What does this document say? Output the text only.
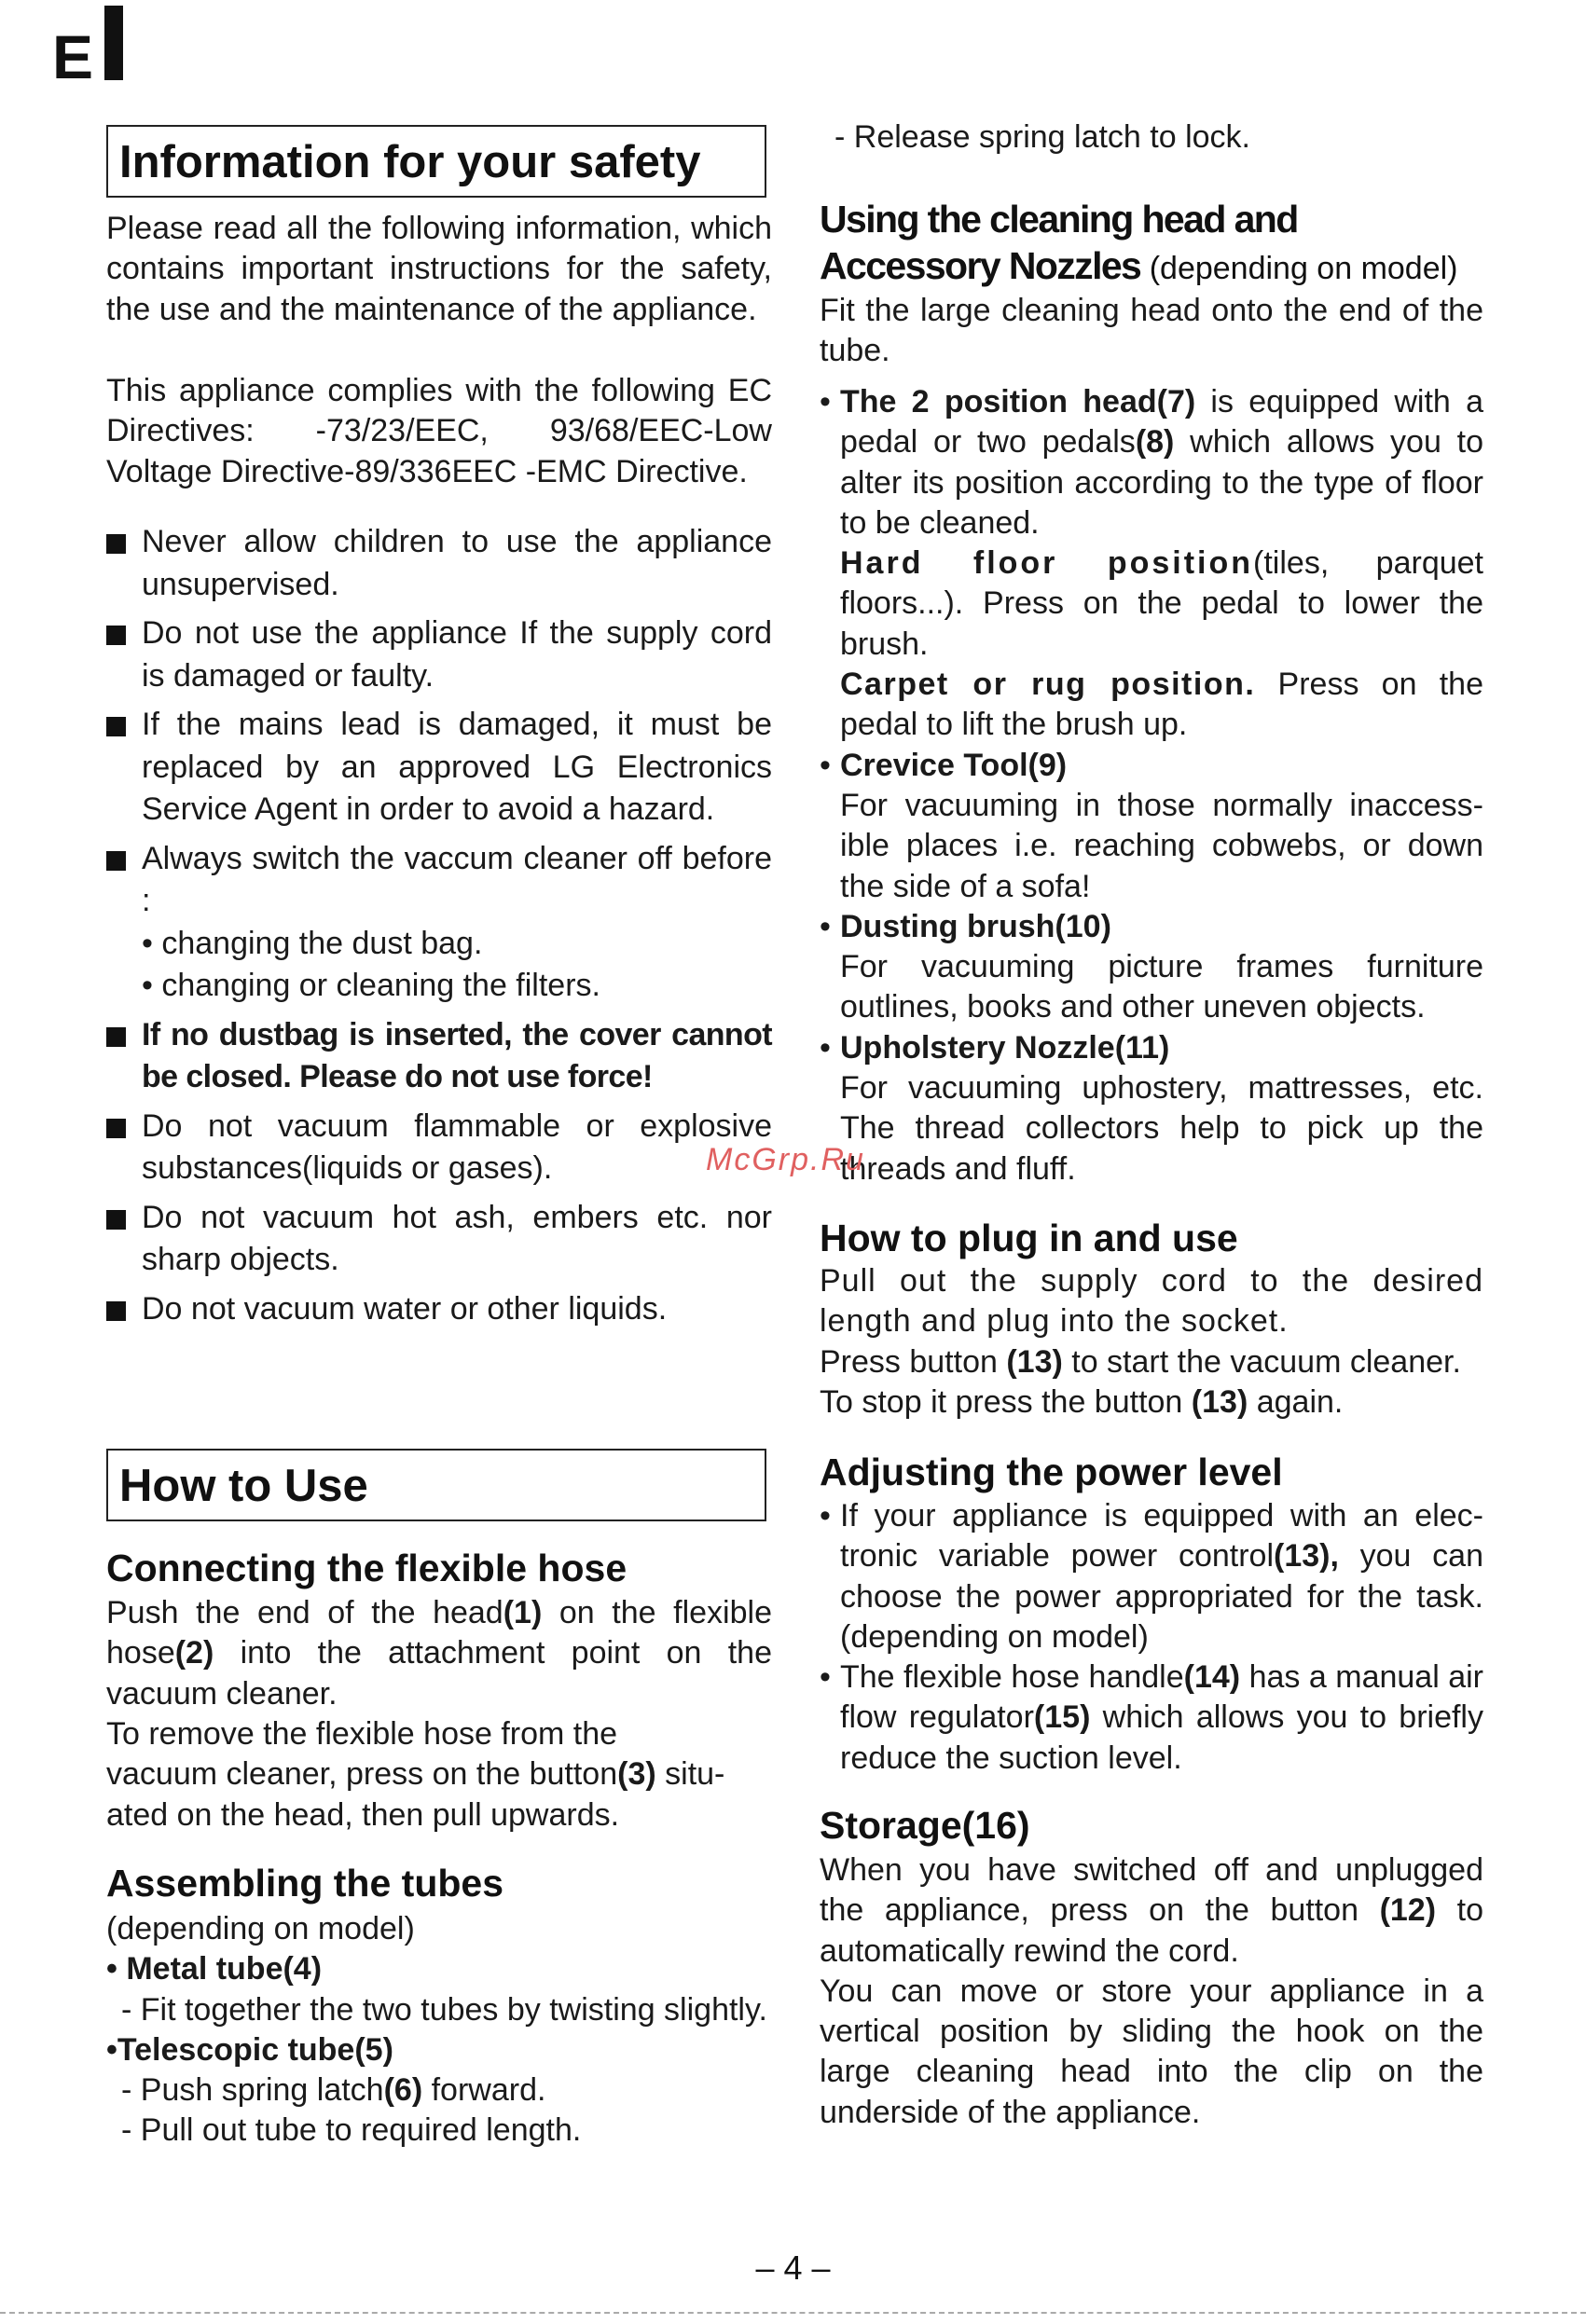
E
Information for your safety

Please read all the following information, which contains important instructions for the safety, the use and the maintenance of the appliance.

This appliance complies with the following EC Directives: -73/23/EEC, 93/68/EEC-Low Voltage Directive-89/336EEC -EMC Directive.

Never allow children to use the appliance unsupervised.
Do not use the appliance If the supply cord is damaged or faulty.
If the mains lead is damaged, it must be replaced by an approved LG Electronics Service Agent in order to avoid a hazard.
Always switch the vaccum cleaner off before :
• changing the dust bag.
• changing or cleaning the filters.
If no dustbag is inserted, the cover cannot be closed. Please do not use force!
Do not vacuum flammable or explosive substances(liquids or gases).
Do not vacuum hot ash, embers etc. nor sharp objects.
Do not vacuum water or other liquids.
How to Use
Connecting the flexible hose

Push the end of the head(1) on the flexible hose(2) into the attachment point on the vacuum cleaner.

To remove the flexible hose from the
vacuum cleaner, press on the button(3) situ-ated on the head, then pull upwards.

Assembling the tubes
(depending on model)
• Metal tube(4)
- Fit together the two tubes by twisting slightly.
•Telescopic tube(5)
- Push spring latch(6) forward.
- Pull out tube to required length.

- Release spring latch to lock.

Using the cleaning head and Accessory Nozzles (depending on model)

Fit the large cleaning head onto the end of the tube.

• The 2 position head(7) is equipped with a pedal or two pedals(8) which allows you to alter its position according to the type of floor to be cleaned.
Hard floor position(tiles, parquet floors...). Press on the pedal to lower the brush.
Carpet or rug position. Press on the pedal to lift the brush up.
• Crevice Tool(9)
For vacuuming in those normally inaccess-ible places i.e. reaching cobwebs, or down the side of a sofa!
• Dusting brush(10)
For vacuuming picture frames furniture outlines, books and other uneven objects.
• Upholstery Nozzle(11)
For vacuuming uphostery, mattresses, etc. The thread collectors help to pick up the threads and fluff.
How to plug in and use
Pull out the supply cord to the desired length and plug into the socket.
Press button (13) to start the vacuum cleaner.
To stop it press the button (13) again.
Adjusting the power level
• If your appliance is equipped with an elec-tronic variable power control(13), you can choose the power appropriated for the task. (depending on model)
• The flexible hose handle(14) has a manual air flow regulator(15) which allows you to briefly reduce the suction level.
Storage(16)
When you have switched off and unplugged the appliance, press on the button (12) to automatically rewind the cord.
You can move or store your appliance in a vertical position by sliding the hook on the large cleaning head into the clip on the underside of the appliance.
McGrp.Ru
– 4 –
